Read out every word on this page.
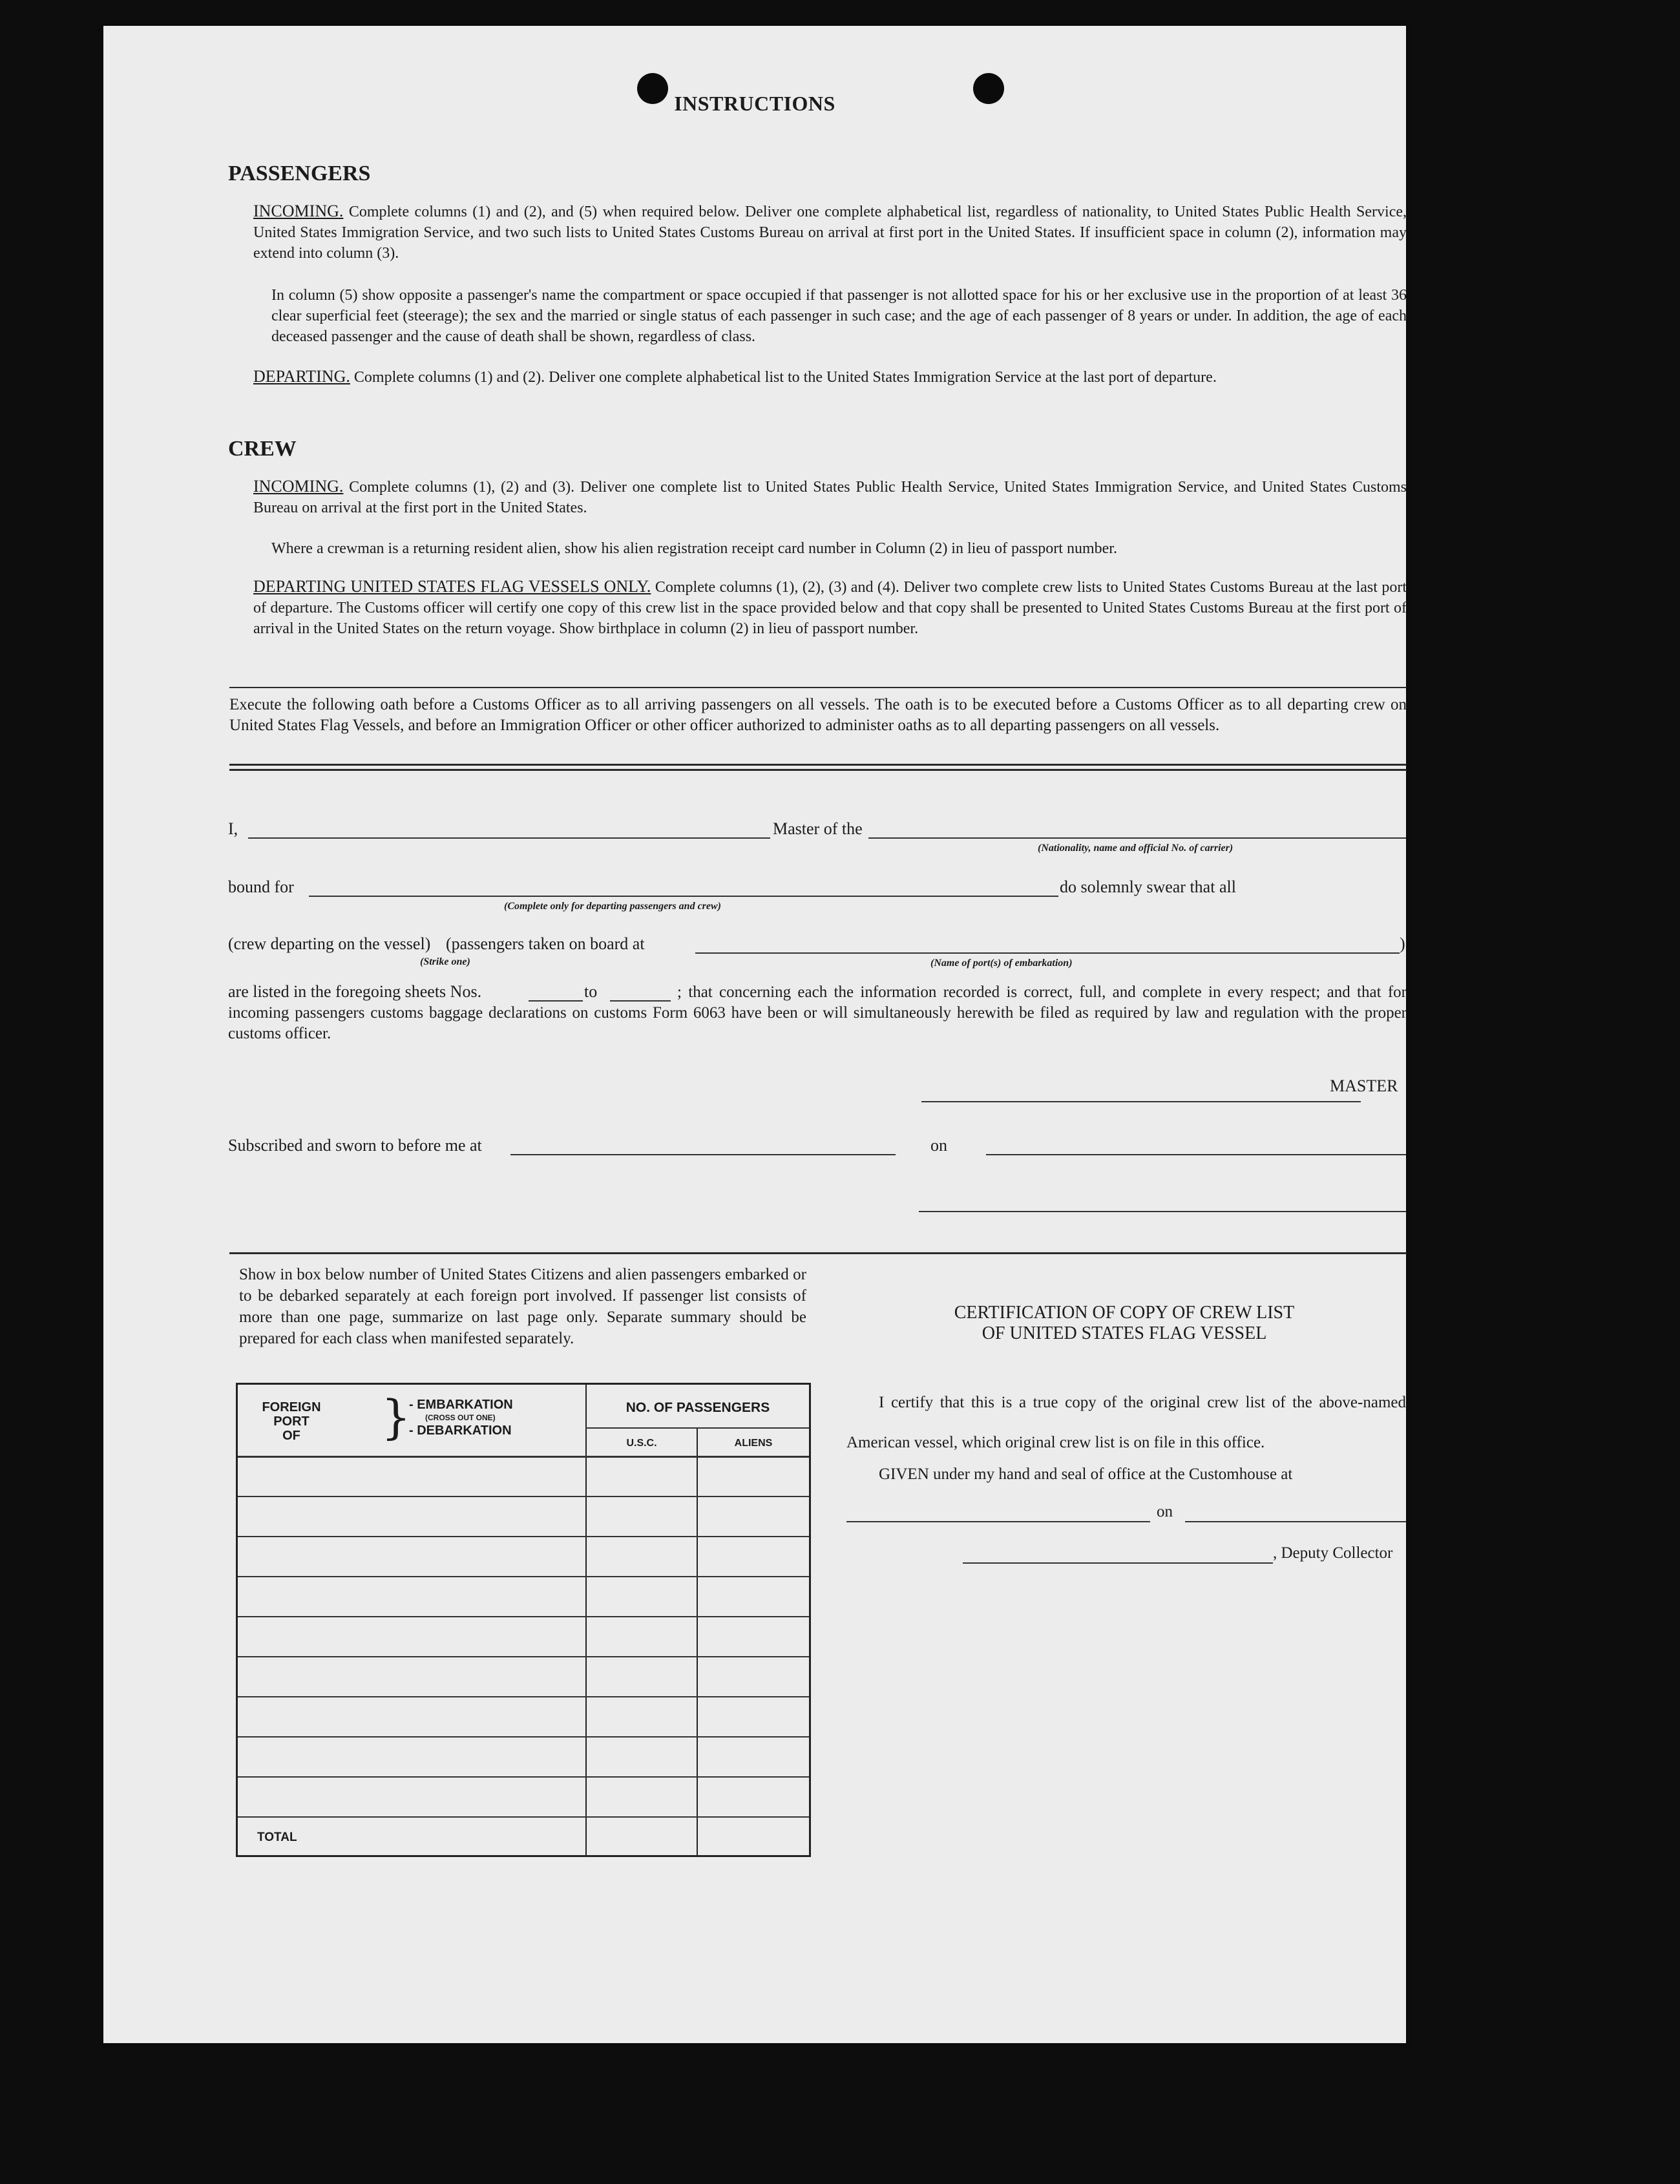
INSTRUCTIONS
PASSENGERS
INCOMING. Complete columns (1) and (2), and (5) when required below. Deliver one complete alphabetical list, regardless of nationality, to United States Public Health Service, United States Immigration Service, and two such lists to United States Customs Bureau on arrival at first port in the United States. If insufficient space in column (2), information may extend into column (3).
In column (5) show opposite a passenger's name the compartment or space occupied if that passenger is not allotted space for his or her exclusive use in the proportion of at least 36 clear superficial feet (steerage); the sex and the married or single status of each passenger in such case; and the age of each passenger of 8 years or under. In addition, the age of each deceased passenger and the cause of death shall be shown, regardless of class.
DEPARTING. Complete columns (1) and (2). Deliver one complete alphabetical list to the United States Immigration Service at the last port of departure.
CREW
INCOMING. Complete columns (1), (2) and (3). Deliver one complete list to United States Public Health Service, United States Immigration Service, and United States Customs Bureau on arrival at the first port in the United States.
Where a crewman is a returning resident alien, show his alien registration receipt card number in Column (2) in lieu of passport number.
DEPARTING UNITED STATES FLAG VESSELS ONLY. Complete columns (1), (2), (3) and (4). Deliver two complete crew lists to United States Customs Bureau at the last port of departure. The Customs officer will certify one copy of this crew list in the space provided below and that copy shall be presented to United States Customs Bureau at the first port of arrival in the United States on the return voyage. Show birthplace in column (2) in lieu of passport number.
Execute the following oath before a Customs Officer as to all arriving passengers on all vessels. The oath is to be executed before a Customs Officer as to all departing crew on United States Flag Vessels, and before an Immigration Officer or other officer authorized to administer oaths as to all departing passengers on all vessels.
I,	Master of the
(Nationality, name and official No. of carrier)
bound for	do solemnly swear that all
(Complete only for departing passengers and crew)
(crew departing on the vessel)
(Strike one)
(passengers taken on board at	)
(Name of port(s) of embarkation)
are listed in the foregoing sheets Nos.	to	; that concerning each the information recorded is correct, full, and complete in every respect; and that for incoming passengers customs baggage declarations on customs Form 6063 have been or will simultaneously herewith be filed as required by law and regulation with the proper customs officer.
MASTER
Subscribed and sworn to before me at	on
Show in box below number of United States Citizens and alien passengers embarked or to be debarked separately at each foreign port involved. If passenger list consists of more than one page, summarize on last page only. Separate summary should be prepared for each class when manifested separately.
FOREIGN
PORT
OF	}
- EMBARKATION
(CROSS OUT ONE)
- DEBARKATION
NO. OF PASSENGERS
U.S.C.	ALIENS
TOTAL
CERTIFICATION OF COPY OF CREW LIST
OF UNITED STATES FLAG VESSEL
I certify that this is a true copy of the original crew list of the above-named American vessel, which original crew list is on file in this office.
GIVEN under my hand and seal of office at the Customhouse at
on
, Deputy Collector
